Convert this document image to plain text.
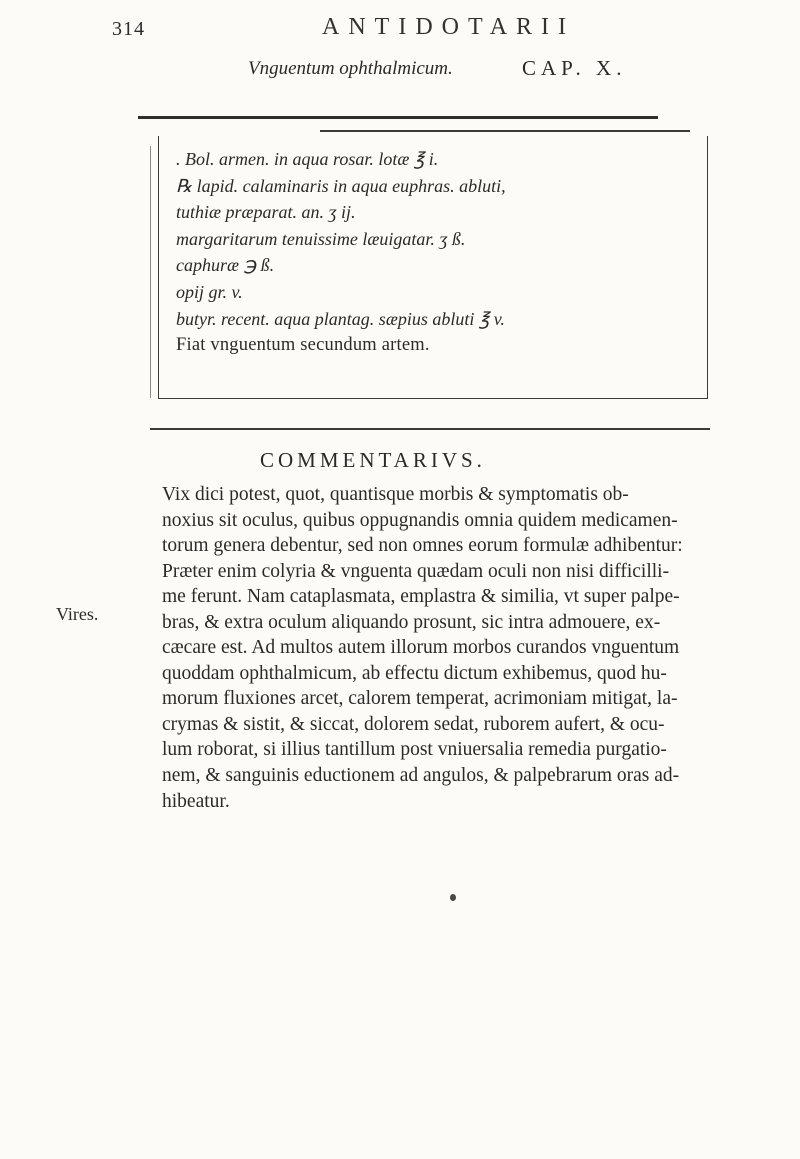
314	ANTIDOTARII
Vnguentum ophthalmicum.	CAP. X.
. Bol. armen. in aqua rosar. lotæ ℥ i.
℞ lapid. calaminaris in aqua euphras. abluti,
tuthiæ præparat. an. ʒ ij.
margaritarum tenuissime læuigatar. ʒ ß.
caphuræ ℈ ß.
opij gr. v.
butyr. recent. aqua plantag. sæpius abluti ℥ v.
Fiat vnguentum secundum artem.
COMMENTARIVS.
Vires.
Vix dici potest, quot, quantisque morbis & symptomatis ob-
noxius sit oculus, quibus oppugnandis omnia quidem medicamen-
torum genera debentur, sed non omnes eorum formulæ adhibentur:
Præter enim colyria & vnguenta quædam oculi non nisi difficilli-
me ferunt. Nam cataplasmata, emplastra & similia, vt super palpe-
bras, & extra oculum aliquando prosunt, sic intra admouere, ex-
cæcare est. Ad multos autem illorum morbos curandos vnguentum
quoddam ophthalmicum, ab effectu dictum exhibemus, quod hu-
morum fluxiones arcet, calorem temperat, acrimoniam mitigat, la-
crymas & sistit, & siccat, dolorem sedat, ruborem aufert, & ocu-
lum roborat, si illius tantillum post vniuersalia remedia purgatio-
nem, & sanguinis eductionem ad angulos, & palpebrarum oras ad-
hibeatur.
